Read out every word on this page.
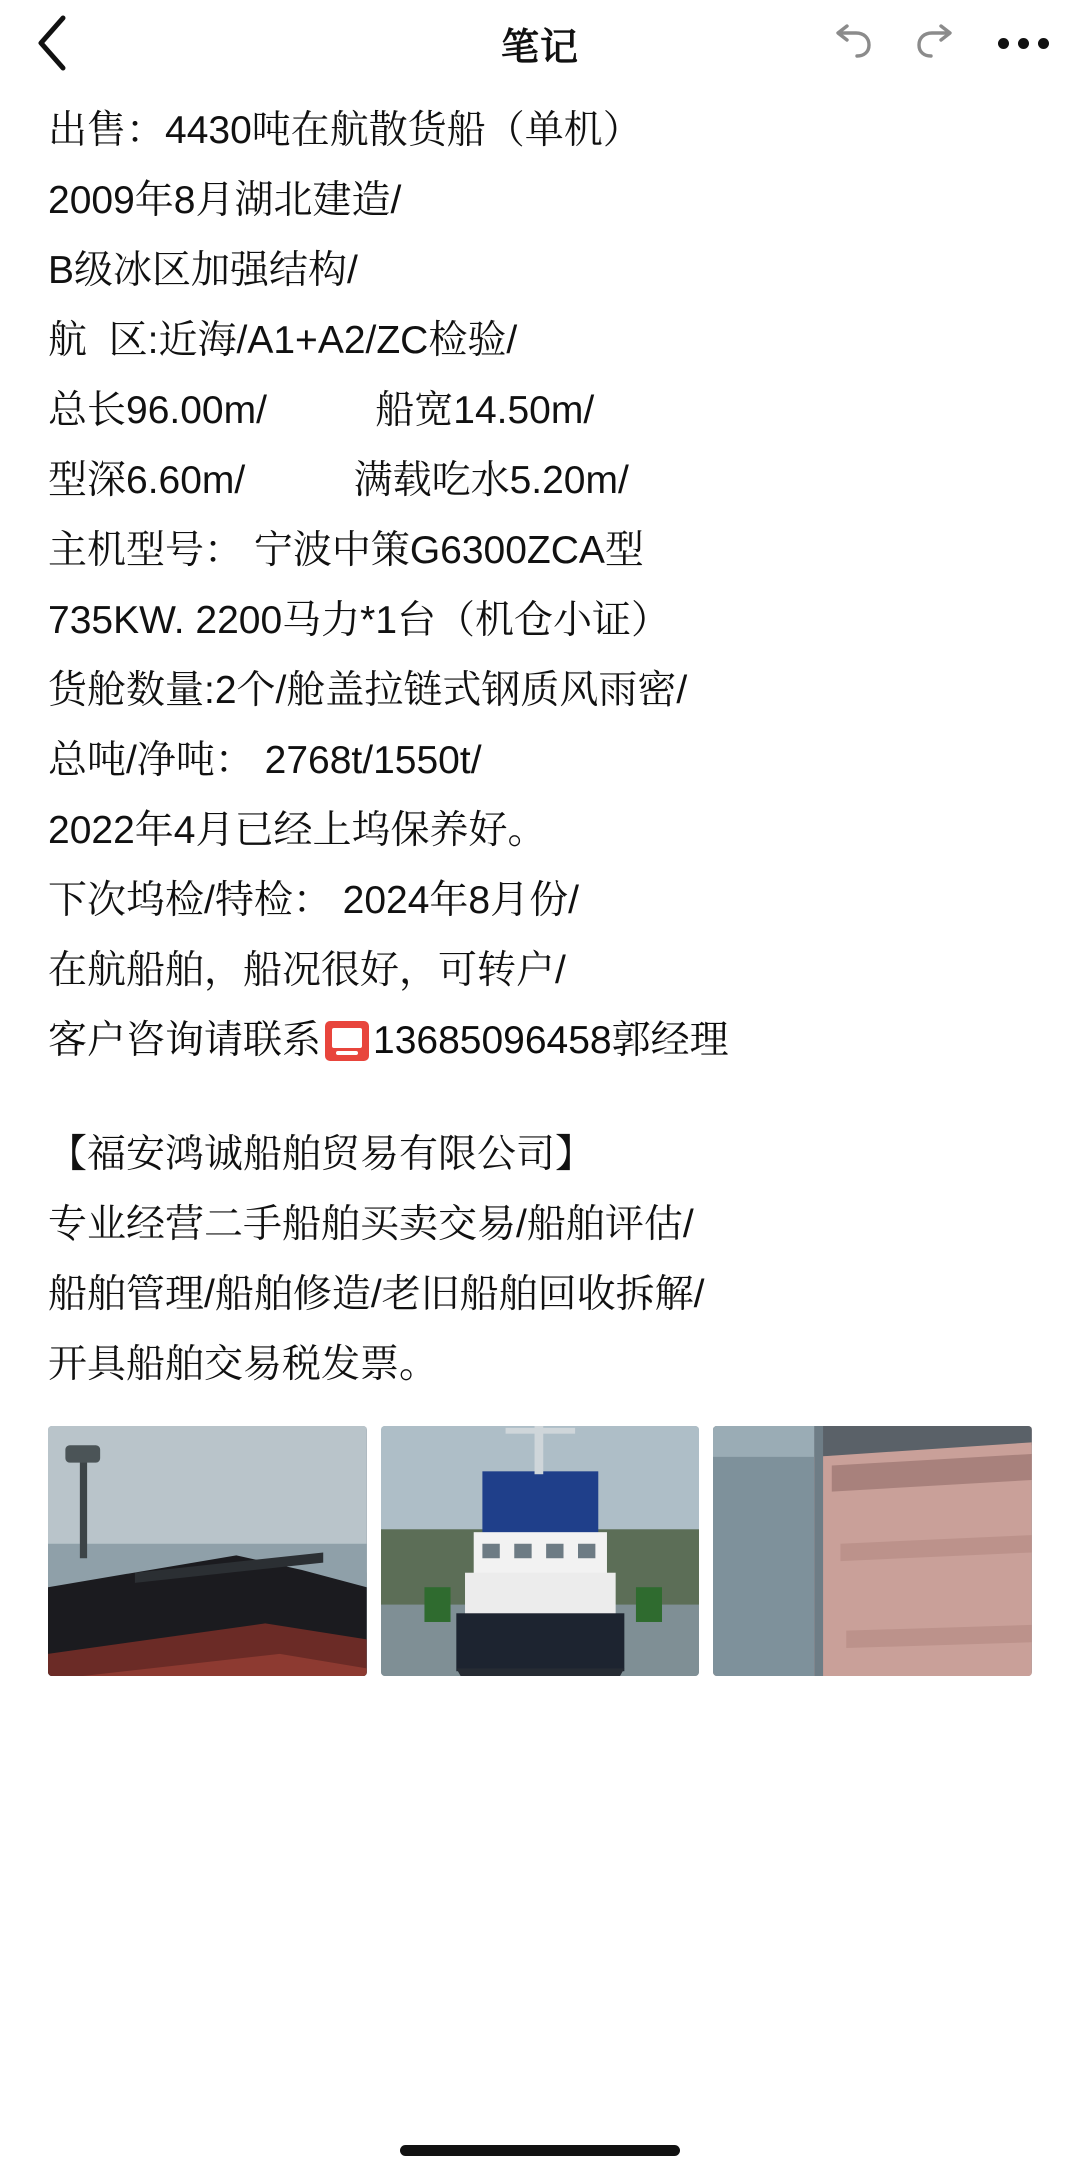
笔记
出售：4430吨在航散货船（单机）
2009年8月湖北建造/
B级冰区加强结构/
航  区:近海/A1+A2/ZC检验/
总长96.00m/          船宽14.50m/
型深6.60m/          满载吃水5.20m/
主机型号： 宁波中策G6300ZCA型
735KW. 2200马力*1台（机仓小证）
货舱数量:2个/舱盖拉链式钢质风雨密/
总吨/净吨： 2768t/1550t/
2022年4月已经上坞保养好。
下次坞检/特检： 2024年8月份/
在航船舶，船况很好，可转户/
客户咨询请联系 13685096458郭经理
【福安鸿诚船舶贸易有限公司】
专业经营二手船舶买卖交易/船舶评估/
船舶管理/船舶修造/老旧船舶回收拆解/
开具船舶交易税发票。
